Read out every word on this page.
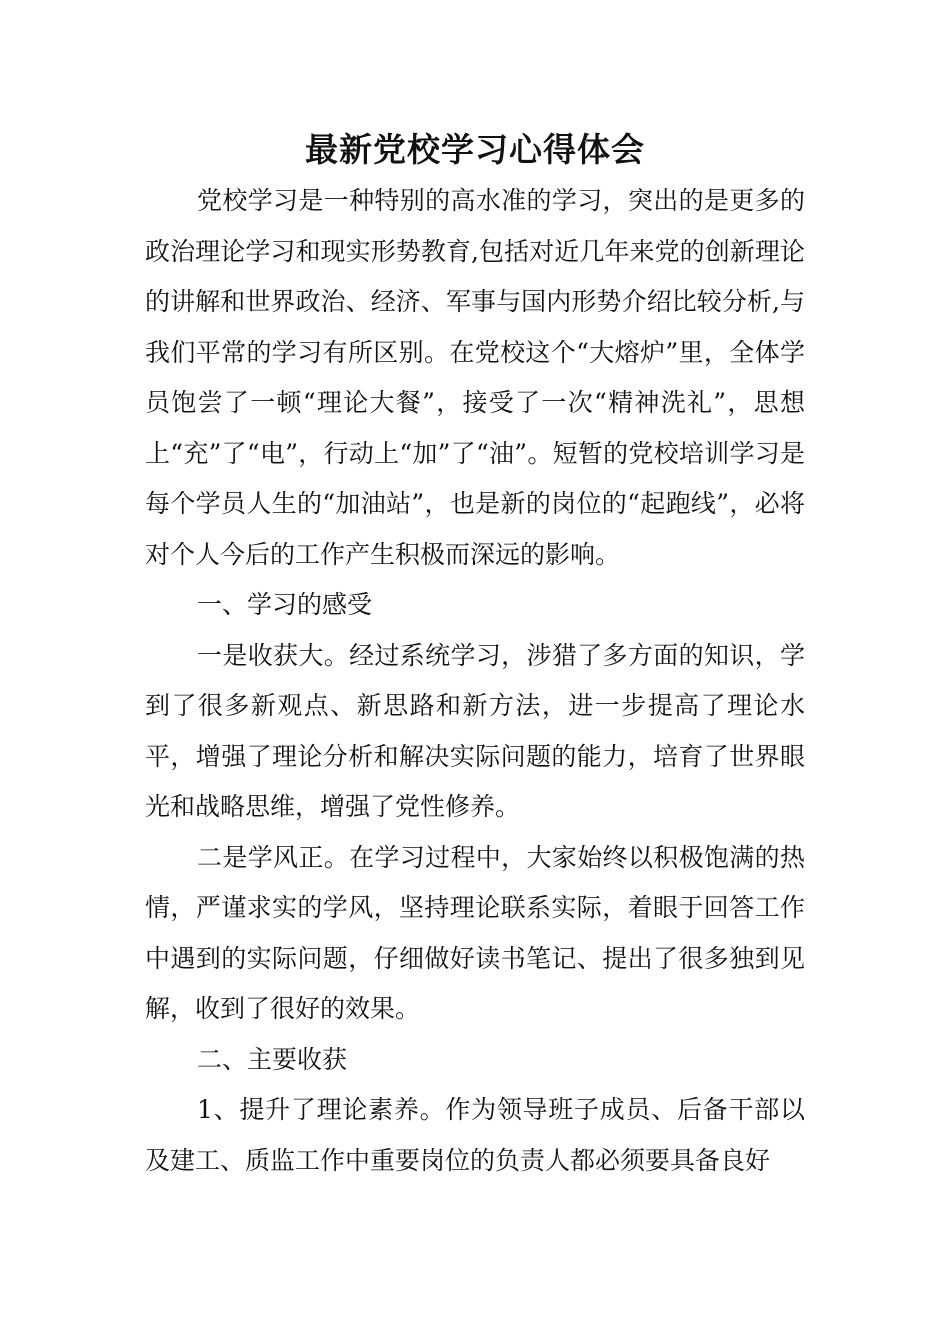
最新党校学习心得体会

党校学习是一种特别的高水准的学习，突出的是更多的政治理论学习和现实形势教育,包括对近几年来党的创新理论的讲解和世界政治、经济、军事与国内形势介绍比较分析,与我们平常的学习有所区别。在党校这个“大熔炉”里，全体学员饱尝了一顿“理论大餐”，接受了一次“精神洗礼”，思想上“充”了“电”，行动上“加”了“油”。短暂的党校培训学习是每个学员人生的“加油站”，也是新的岗位的“起跑线”，必将对个人今后的工作产生积极而深远的影响。

一、学习的感受

一是收获大。经过系统学习，涉猎了多方面的知识，学到了很多新观点、新思路和新方法，进一步提高了理论水平，增强了理论分析和解决实际问题的能力，培育了世界眼光和战略思维，增强了党性修养。

二是学风正。在学习过程中，大家始终以积极饱满的热情，严谨求实的学风，坚持理论联系实际，着眼于回答工作中遇到的实际问题，仔细做好读书笔记、提出了很多独到见解，收到了很好的效果。

二、主要收获

1、提升了理论素养。作为领导班子成员、后备干部以及建工、质监工作中重要岗位的负责人都必须要具备良好
